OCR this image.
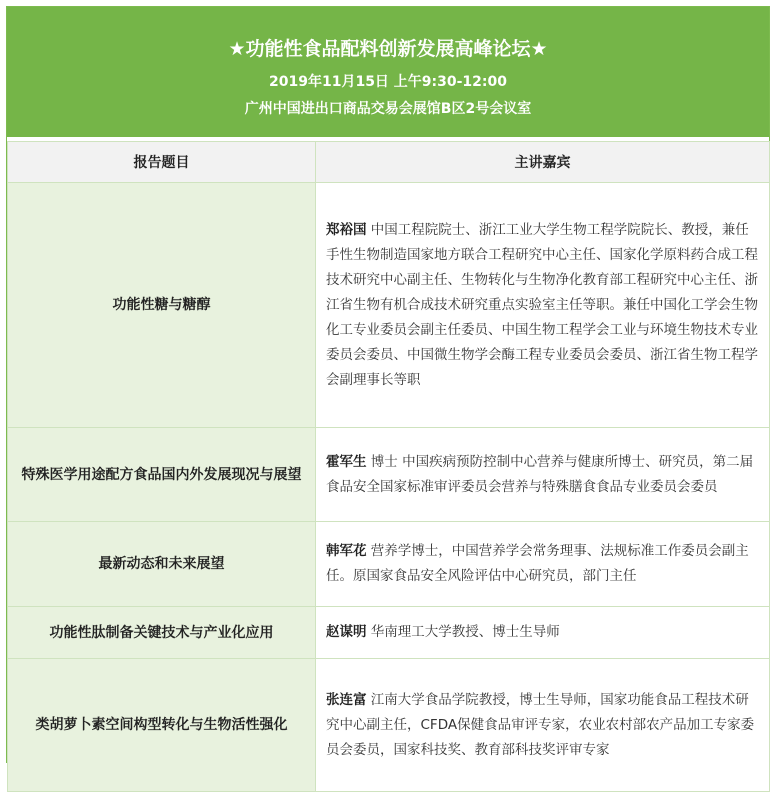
★功能性食品配料创新发展高峰论坛★
2019年11月15日 上午9:30-12:00
广州中国进出口商品交易会展馆B区2号会议室
报告题目	主讲嘉宾
功能性糖与糖醇	郑裕国 中国工程院院士、浙江工业大学生物工程学院院长、教授，兼任手性生物制造国家地方联合工程研究中心主任、国家化学原料药合成工程技术研究中心副主任、生物转化与生物净化教育部工程研究中心主任、浙江省生物有机合成技术研究重点实验室主任等职。兼任中国化工学会生物化工专业委员会副主任委员、中国生物工程学会工业与环境生物技术专业委员会委员、中国微生物学会酶工程专业委员会委员、浙江省生物工程学会副理事长等职
特殊医学用途配方食品国内外发展现况与展望	霍军生 博士 中国疾病预防控制中心营养与健康所博士、研究员，第二届食品安全国家标准审评委员会营养与特殊膳食食品专业委员会委员
最新动态和未来展望	韩军花 营养学博士，中国营养学会常务理事、法规标准工作委员会副主任。原国家食品安全风险评估中心研究员，部门主任
功能性肽制备关键技术与产业化应用	赵谋明 华南理工大学教授、博士生导师
类胡萝卜素空间构型转化与生物活性强化	张连富 江南大学食品学院教授，博士生导师，国家功能食品工程技术研究中心副主任，CFDA保健食品审评专家，农业农村部农产品加工专家委员会委员，国家科技奖、教育部科技奖评审专家
